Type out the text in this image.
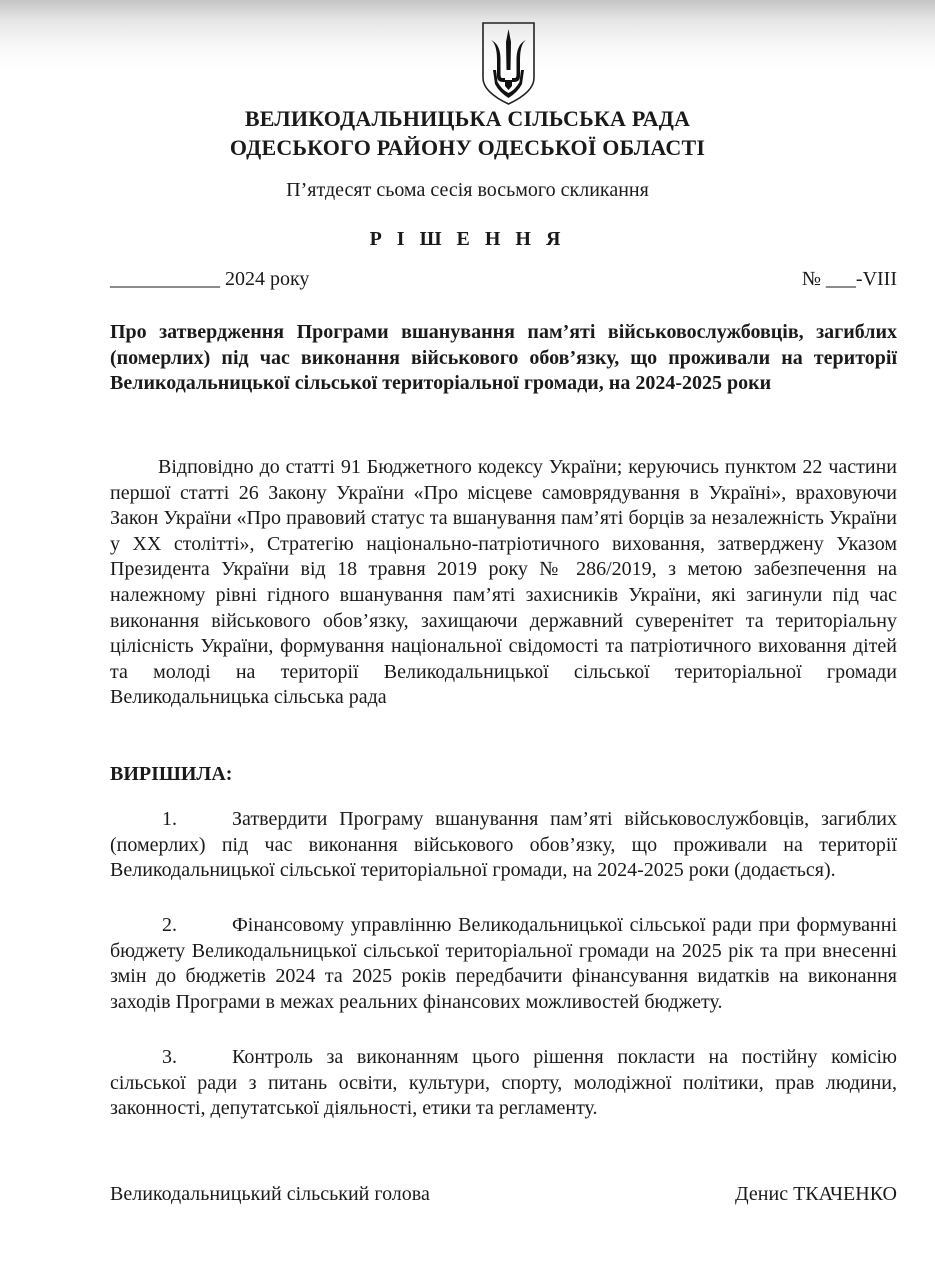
ВЕЛИКОДАЛЬНИЦЬКА СІЛЬСЬКА РАДА
ОДЕСЬКОГО РАЙОНУ ОДЕСЬКОЇ ОБЛАСТІ
П’ятдесят сьома сесія восьмого скликання
Р І Ш Е Н Н Я
___________ 2024 року	№ ___-VIII
Про затвердження Програми вшанування пам’яті військовослужбовців, загиблих (померлих) під час виконання військового обов’язку, що проживали на території Великодальницької сільської територіальної громади, на 2024-2025 роки
Відповідно до статті 91 Бюджетного кодексу України; керуючись пунктом 22 частини першої статті 26 Закону України «Про місцеве самоврядування в Україні», враховуючи Закон України «Про правовий статус та вшанування пам’яті борців за незалежність України у ХХ столітті», Стратегію національно-патріотичного виховання, затверджену Указом Президента України від 18 травня 2019 року № 286/2019, з метою забезпечення на належному рівні гідного вшанування пам’яті захисників України, які загинули під час виконання військового обов’язку, захищаючи державний суверенітет та територіальну цілісність України, формування національної свідомості та патріотичного виховання дітей та молоді на території Великодальницької сільської територіальної громади Великодальницька сільська рада
ВИРІШИЛА:
1.	Затвердити Програму вшанування пам’яті військовослужбовців, загиблих (померлих) під час виконання військового обов’язку, що проживали на території Великодальницької сільської територіальної громади, на 2024-2025 роки (додається).
2.	Фінансовому управлінню Великодальницької сільської ради при формуванні бюджету Великодальницької сільської територіальної громади на 2025 рік та при внесенні змін до бюджетів 2024 та 2025 років передбачити фінансування видатків на виконання заходів Програми в межах реальних фінансових можливостей бюджету.
3.	Контроль за виконанням цього рішення покласти на постійну комісію сільської ради з питань освіти, культури, спорту, молодіжної політики, прав людини, законності, депутатської діяльності, етики та регламенту.
Великодальницький сільський голова	Денис ТКАЧЕНКО
